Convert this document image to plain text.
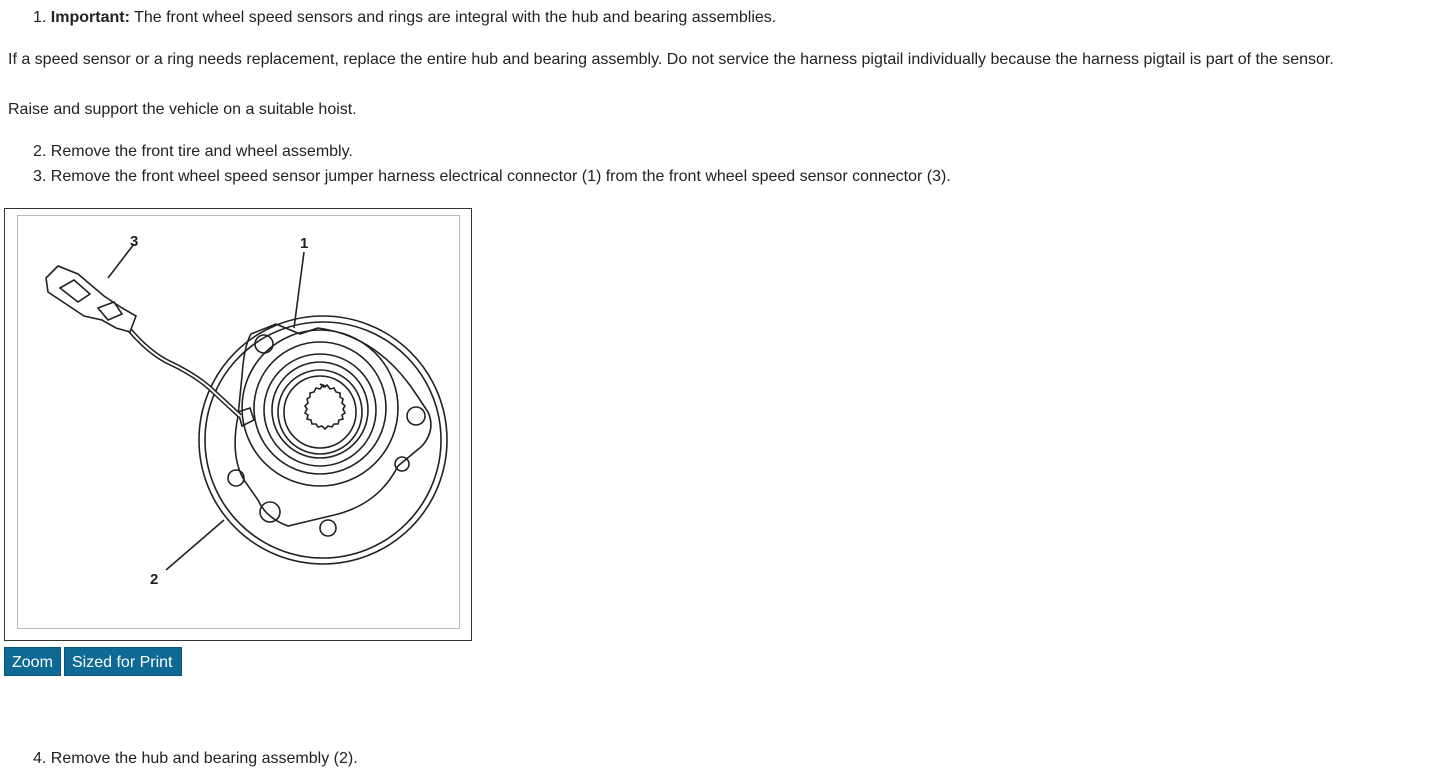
1. Important: The front wheel speed sensors and rings are integral with the hub and bearing assemblies.
If a speed sensor or a ring needs replacement, replace the entire hub and bearing assembly. Do not service the harness pigtail individually because the harness pigtail is part of the sensor.
Raise and support the vehicle on a suitable hoist.
2. Remove the front tire and wheel assembly.
3. Remove the front wheel speed sensor jumper harness electrical connector (1) from the front wheel speed sensor connector (3).
1
2
3
Zoom	Sized for Print
4. Remove the hub and bearing assembly (2).
